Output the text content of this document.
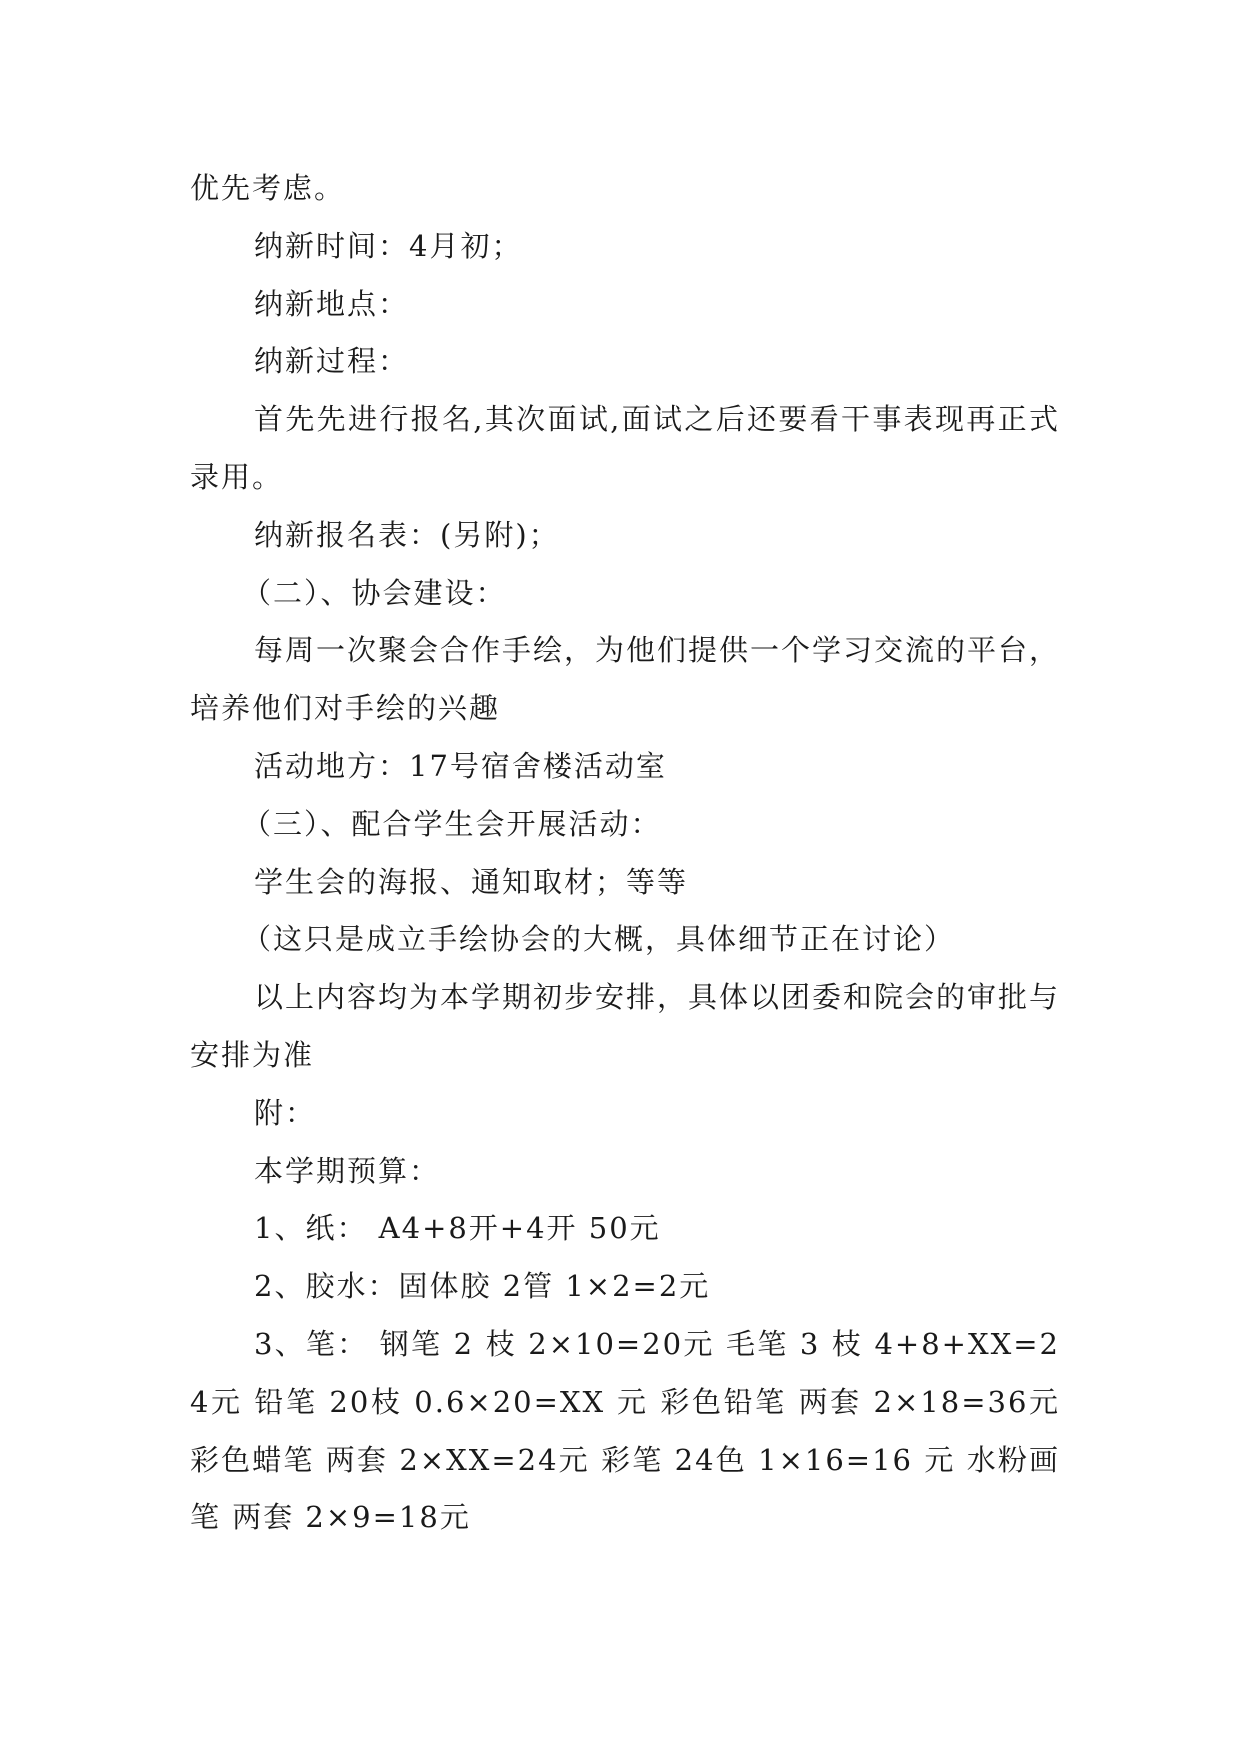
优先考虑。

纳新时间：4月初；

纳新地点：

纳新过程：

首先先进行报名,其次面试,面试之后还要看干事表现再正式录用。

纳新报名表：(另附)；

（二）、协会建设：

每周一次聚会合作手绘，为他们提供一个学习交流的平台，培养他们对手绘的兴趣

活动地方：17号宿舍楼活动室

（三）、配合学生会开展活动：

学生会的海报、通知取材；等等

（这只是成立手绘协会的大概，具体细节正在讨论）

以上内容均为本学期初步安排，具体以团委和院会的审批与安排为准

附：

本学期预算：

1、纸： A4+8开+4开 50元

2、胶水：固体胶 2管 1×2=2元

3、笔： 钢笔 2 枝 2×10=20元 毛笔 3 枝 4+8+XX=24元 铅笔 20枝 0.6×20=XX 元 彩色铅笔 两套 2×18=36元 彩色蜡笔 两套 2×XX=24元 彩笔 24色 1×16=16 元 水粉画笔 两套 2×9=18元
